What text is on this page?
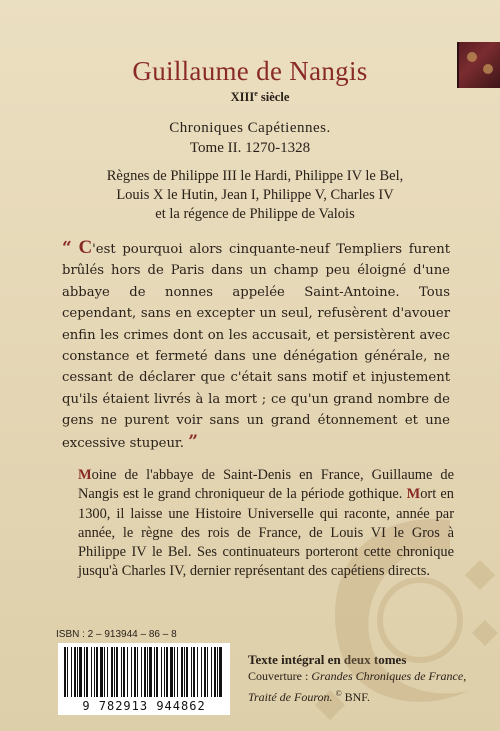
Guillaume de Nangis
XIIIe siècle
Chroniques Capétiennes.
Tome II. 1270-1328
Règnes de Philippe III le Hardi, Philippe IV le Bel,
Louis X le Hutin, Jean I, Philippe V, Charles IV
et la régence de Philippe de Valois
“ C'est pourquoi alors cinquante-neuf Templiers furent brûlés hors de Paris dans un champ peu éloigné d'une abbaye de nonnes appelée Saint-Antoine. Tous cependant, sans en excepter un seul, refusèrent d'avouer enfin les crimes dont on les accusait, et persistèrent avec constance et fermeté dans une dénégation générale, ne cessant de déclarer que c'était sans motif et injustement qu'ils étaient livrés à la mort ; ce qu'un grand nombre de gens ne purent voir sans un grand étonnement et une excessive stupeur. ”
Moine de l'abbaye de Saint-Denis en France, Guillaume de Nangis est le grand chroniqueur de la période gothique. Mort en 1300, il laisse une Histoire Universelle qui raconte, année par année, le règne des rois de France, de Louis VI le Gros à Philippe IV le Bel. Ses continuateurs porteront cette chronique jusqu'à Charles IV, dernier représentant des capétiens directs.
ISBN : 2 – 913944 – 86 – 8
9 782913 944862
Texte intégral en deux tomes
Couverture : Grandes Chroniques de France, Traité de Fouron. © BNF.
